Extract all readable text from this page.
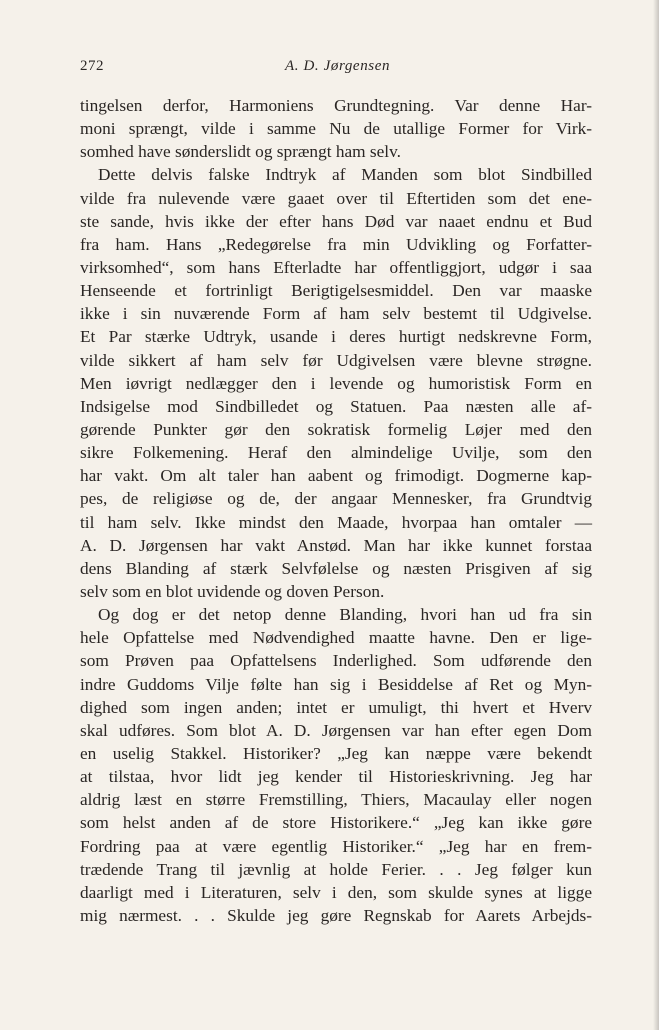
272	A. D. Jørgensen
tingelsen derfor, Harmoniens Grundtegning. Var denne Har-
moni sprængt, vilde i samme Nu de utallige Former for Virk-
somhed have sønderslidt og sprængt ham selv.
Dette delvis falske Indtryk af Manden som blot Sindbilled
vilde fra nulevende være gaaet over til Eftertiden som det ene-
ste sande, hvis ikke der efter hans Død var naaet endnu et Bud
fra ham. Hans „Redegørelse fra min Udvikling og Forfatter-
virksomhed“, som hans Efterladte har offentliggjort, udgør i saa
Henseende et fortrinligt Berigtigelsesmiddel. Den var maaske
ikke i sin nuværende Form af ham selv bestemt til Udgivelse.
Et Par stærke Udtryk, usande i deres hurtigt nedskrevne Form,
vilde sikkert af ham selv før Udgivelsen være blevne strøgne.
Men iøvrigt nedlægger den i levende og humoristisk Form en
Indsigelse mod Sindbilledet og Statuen. Paa næsten alle af-
gørende Punkter gør den sokratisk formelig Løjer med den
sikre Folkemening. Heraf den almindelige Uvilje, som den
har vakt. Om alt taler han aabent og frimodigt. Dogmerne kap-
pes, de religiøse og de, der angaar Mennesker, fra Grundtvig
til ham selv. Ikke mindst den Maade, hvorpaa han omtaler —
A. D. Jørgensen har vakt Anstød. Man har ikke kunnet forstaa
dens Blanding af stærk Selvfølelse og næsten Prisgiven af sig
selv som en blot uvidende og doven Person.
Og dog er det netop denne Blanding, hvori han ud fra sin
hele Opfattelse med Nødvendighed maatte havne. Den er lige-
som Prøven paa Opfattelsens Inderlighed. Som udførende den
indre Guddoms Vilje følte han sig i Besiddelse af Ret og Myn-
dighed som ingen anden; intet er umuligt, thi hvert et Hverv
skal udføres. Som blot A. D. Jørgensen var han efter egen Dom
en uselig Stakkel. Historiker? „Jeg kan næppe være bekendt
at tilstaa, hvor lidt jeg kender til Historieskrivning. Jeg har
aldrig læst en større Fremstilling, Thiers, Macaulay eller nogen
som helst anden af de store Historikere.“ „Jeg kan ikke gøre
Fordring paa at være egentlig Historiker.“ „Jeg har en frem-
trædende Trang til jævnlig at holde Ferier. . . Jeg følger kun
daarligt med i Literaturen, selv i den, som skulde synes at ligge
mig nærmest. . . Skulde jeg gøre Regnskab for Aarets Arbejds-
